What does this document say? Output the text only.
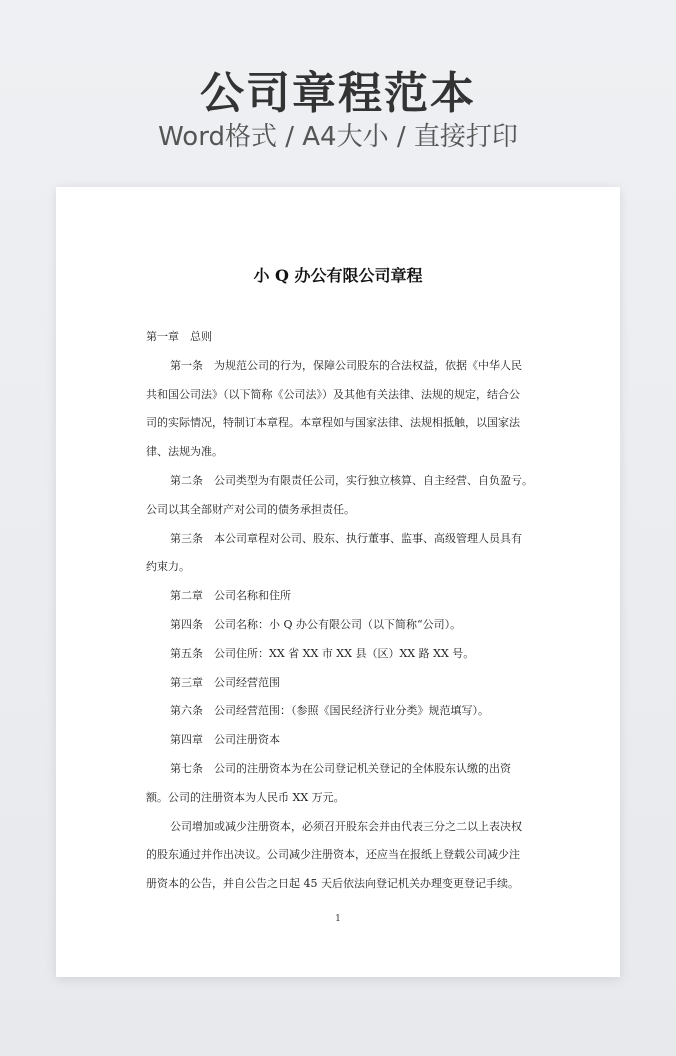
公司章程范本
Word格式 / A4大小 / 直接打印
小 Q 办公有限公司章程
第一章　总则
第一条　为规范公司的行为，保障公司股东的合法权益，依据《中华人民
共和国公司法》（以下简称《公司法》）及其他有关法律、法规的规定，结合公
司的实际情况，特制订本章程。本章程如与国家法律、法规相抵触，以国家法
律、法规为准。
第二条　公司类型为有限责任公司，实行独立核算、自主经营、自负盈亏。
公司以其全部财产对公司的债务承担责任。
第三条　本公司章程对公司、股东、执行董事、监事、高级管理人员具有
约束力。
第二章　公司名称和住所
第四条　公司名称：小 Q 办公有限公司（以下简称“公司）。
第五条　公司住所：XX 省 XX 市 XX 县（区）XX 路 XX 号。
第三章　公司经营范围
第六条　公司经营范围：（参照《国民经济行业分类》规范填写）。
第四章　公司注册资本
第七条　公司的注册资本为在公司登记机关登记的全体股东认缴的出资
额。公司的注册资本为人民币 XX 万元。
公司增加或减少注册资本，必须召开股东会并由代表三分之二以上表决权
的股东通过并作出决议。公司减少注册资本，还应当在报纸上登载公司减少注
册资本的公告，并自公告之日起 45 天后依法向登记机关办理变更登记手续。
1
